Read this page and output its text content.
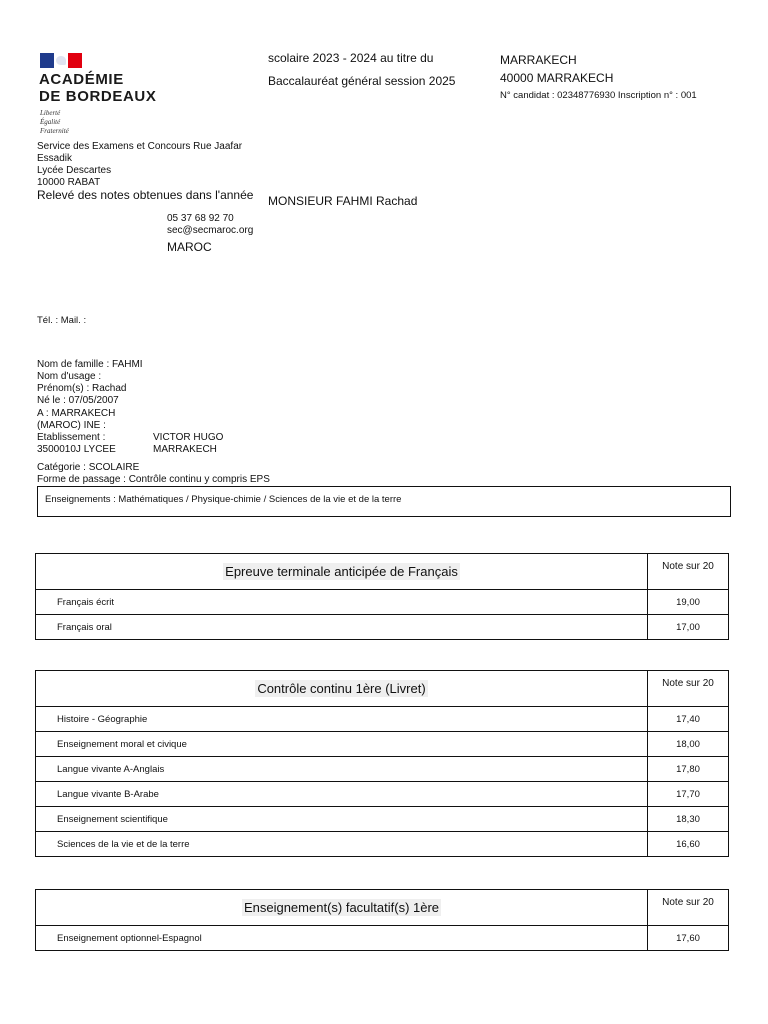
ACADÉMIE
DE BORDEAUX
Liberté
Égalité
Fraternité
Service des Examens et Concours Rue Jaafar
Essadik
Lycée Descartes
10000 RABAT
Relevé des notes obtenues dans l'année
05 37 68 92 70
sec@secmaroc.org
MAROC
scolaire 2023 - 2024 au titre du
Baccalauréat général session 2025
MARRAKECH
40000 MARRAKECH
N° candidat : 02348776930 Inscription n° : 001
MONSIEUR FAHMI Rachad
Tél. : Mail. :
Nom de famille : FAHMI
Nom d'usage :
Prénom(s) : Rachad
Né le : 07/05/2007
A : MARRAKECH
(MAROC) INE :
Etablissement :
3500010J LYCEE
VICTOR HUGO
MARRAKECH
Catégorie : SCOLAIRE
Forme de passage : Contrôle continu y compris EPS
Enseignements : Mathématiques / Physique-chimie / Sciences de la vie et de la terre
Epreuve terminale anticipée de Français	Note sur 20
Français écrit	19,00
Français oral	17,00
Contrôle continu 1ère (Livret)	Note sur 20
Histoire - Géographie	17,40
Enseignement moral et civique	18,00
Langue vivante A-Anglais	17,80
Langue vivante B-Arabe	17,70
Enseignement scientifique	18,30
Sciences de la vie et de la terre	16,60
Enseignement(s) facultatif(s) 1ère	Note sur 20
Enseignement optionnel-Espagnol	17,60
